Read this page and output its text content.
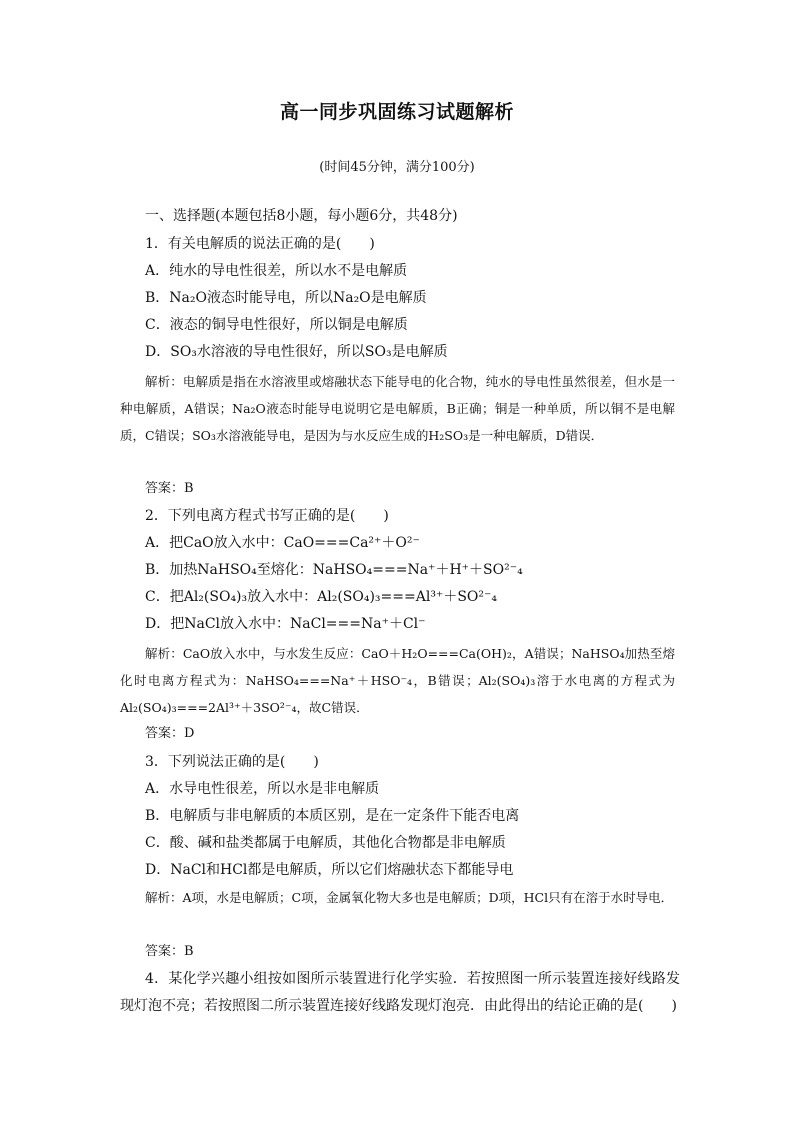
高一同步巩固练习试题解析
(时间45分钟，满分100分)
一、选择题(本题包括8小题，每小题6分，共48分)
1．有关电解质的说法正确的是(　　)
A．纯水的导电性很差，所以水不是电解质
B．Na₂O液态时能导电，所以Na₂O是电解质
C．液态的铜导电性很好，所以铜是电解质
D．SO₃水溶液的导电性很好，所以SO₃是电解质
解析：电解质是指在水溶液里或熔融状态下能导电的化合物，纯水的导电性虽然很差，但水是一种电解质，A错误；Na₂O液态时能导电说明它是电解质，B正确；铜是一种单质，所以铜不是电解质，C错误；SO₃水溶液能导电，是因为与水反应生成的H₂SO₃是一种电解质，D错误．
答案：B
2．下列电离方程式书写正确的是(　　)
A．把CaO放入水中：CaO===Ca²⁺＋O²⁻
B．加热NaHSO₄至熔化：NaHSO₄===Na⁺＋H⁺＋SO²⁻₄
C．把Al₂(SO₄)₃放入水中：Al₂(SO₄)₃===Al³⁺＋SO²⁻₄
D．把NaCl放入水中：NaCl===Na⁺＋Cl⁻
解析：CaO放入水中，与水发生反应：CaO＋H₂O===Ca(OH)₂，A错误；NaHSO₄加热至熔化时电离方程式为：NaHSO₄===Na⁺＋HSO⁻₄，B错误；Al₂(SO₄)₃溶于水电离的方程式为Al₂(SO₄)₃===2Al³⁺＋3SO²⁻₄，故C错误．
答案：D
3．下列说法正确的是(　　)
A．水导电性很差，所以水是非电解质
B．电解质与非电解质的本质区别，是在一定条件下能否电离
C．酸、碱和盐类都属于电解质，其他化合物都是非电解质
D．NaCl和HCl都是电解质，所以它们熔融状态下都能导电
解析：A项，水是电解质；C项，金属氧化物大多也是电解质；D项，HCl只有在溶于水时导电．
答案：B
4．某化学兴趣小组按如图所示装置进行化学实验．若按照图一所示装置连接好线路发现灯泡不亮；若按照图二所示装置连接好线路发现灯泡亮．由此得出的结论正确的是(　　)
